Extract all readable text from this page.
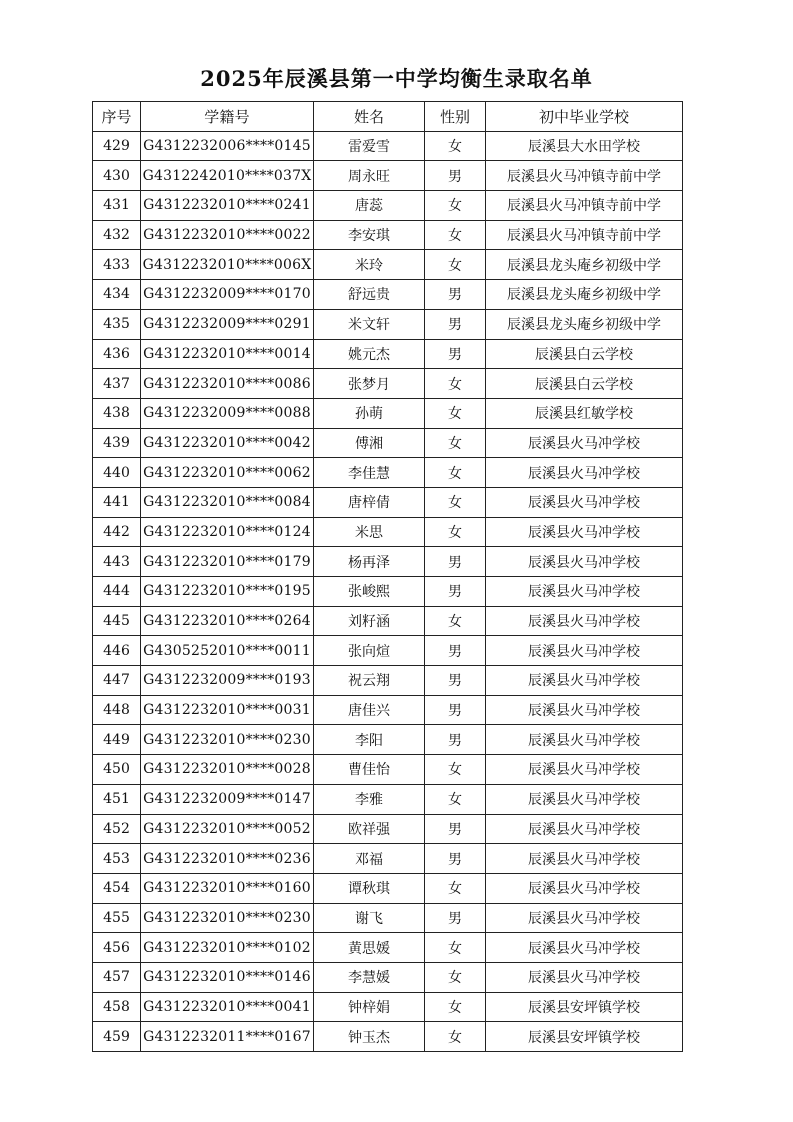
2025年辰溪县第一中学均衡生录取名单
序号	学籍号	姓名	性别	初中毕业学校
429	G4312232006****0145	雷爱雪	女	辰溪县大水田学校
430	G4312242010****037X	周永旺	男	辰溪县火马冲镇寺前中学
431	G4312232010****0241	唐蕊	女	辰溪县火马冲镇寺前中学
432	G4312232010****0022	李安琪	女	辰溪县火马冲镇寺前中学
433	G4312232010****006X	米玲	女	辰溪县龙头庵乡初级中学
434	G4312232009****0170	舒远贵	男	辰溪县龙头庵乡初级中学
435	G4312232009****0291	米文轩	男	辰溪县龙头庵乡初级中学
436	G4312232010****0014	姚元杰	男	辰溪县白云学校
437	G4312232010****0086	张梦月	女	辰溪县白云学校
438	G4312232009****0088	孙萌	女	辰溪县红敏学校
439	G4312232010****0042	傅湘	女	辰溪县火马冲学校
440	G4312232010****0062	李佳慧	女	辰溪县火马冲学校
441	G4312232010****0084	唐梓倩	女	辰溪县火马冲学校
442	G4312232010****0124	米思	女	辰溪县火马冲学校
443	G4312232010****0179	杨再泽	男	辰溪县火马冲学校
444	G4312232010****0195	张峻熙	男	辰溪县火马冲学校
445	G4312232010****0264	刘籽涵	女	辰溪县火马冲学校
446	G4305252010****0011	张向煊	男	辰溪县火马冲学校
447	G4312232009****0193	祝云翔	男	辰溪县火马冲学校
448	G4312232010****0031	唐佳兴	男	辰溪县火马冲学校
449	G4312232010****0230	李阳	男	辰溪县火马冲学校
450	G4312232010****0028	曹佳怡	女	辰溪县火马冲学校
451	G4312232009****0147	李雅	女	辰溪县火马冲学校
452	G4312232010****0052	欧祥强	男	辰溪县火马冲学校
453	G4312232010****0236	邓福	男	辰溪县火马冲学校
454	G4312232010****0160	谭秋琪	女	辰溪县火马冲学校
455	G4312232010****0230	谢飞	男	辰溪县火马冲学校
456	G4312232010****0102	黄思媛	女	辰溪县火马冲学校
457	G4312232010****0146	李慧媛	女	辰溪县火马冲学校
458	G4312232010****0041	钟梓娟	女	辰溪县安坪镇学校
459	G4312232011****0167	钟玉杰	女	辰溪县安坪镇学校
